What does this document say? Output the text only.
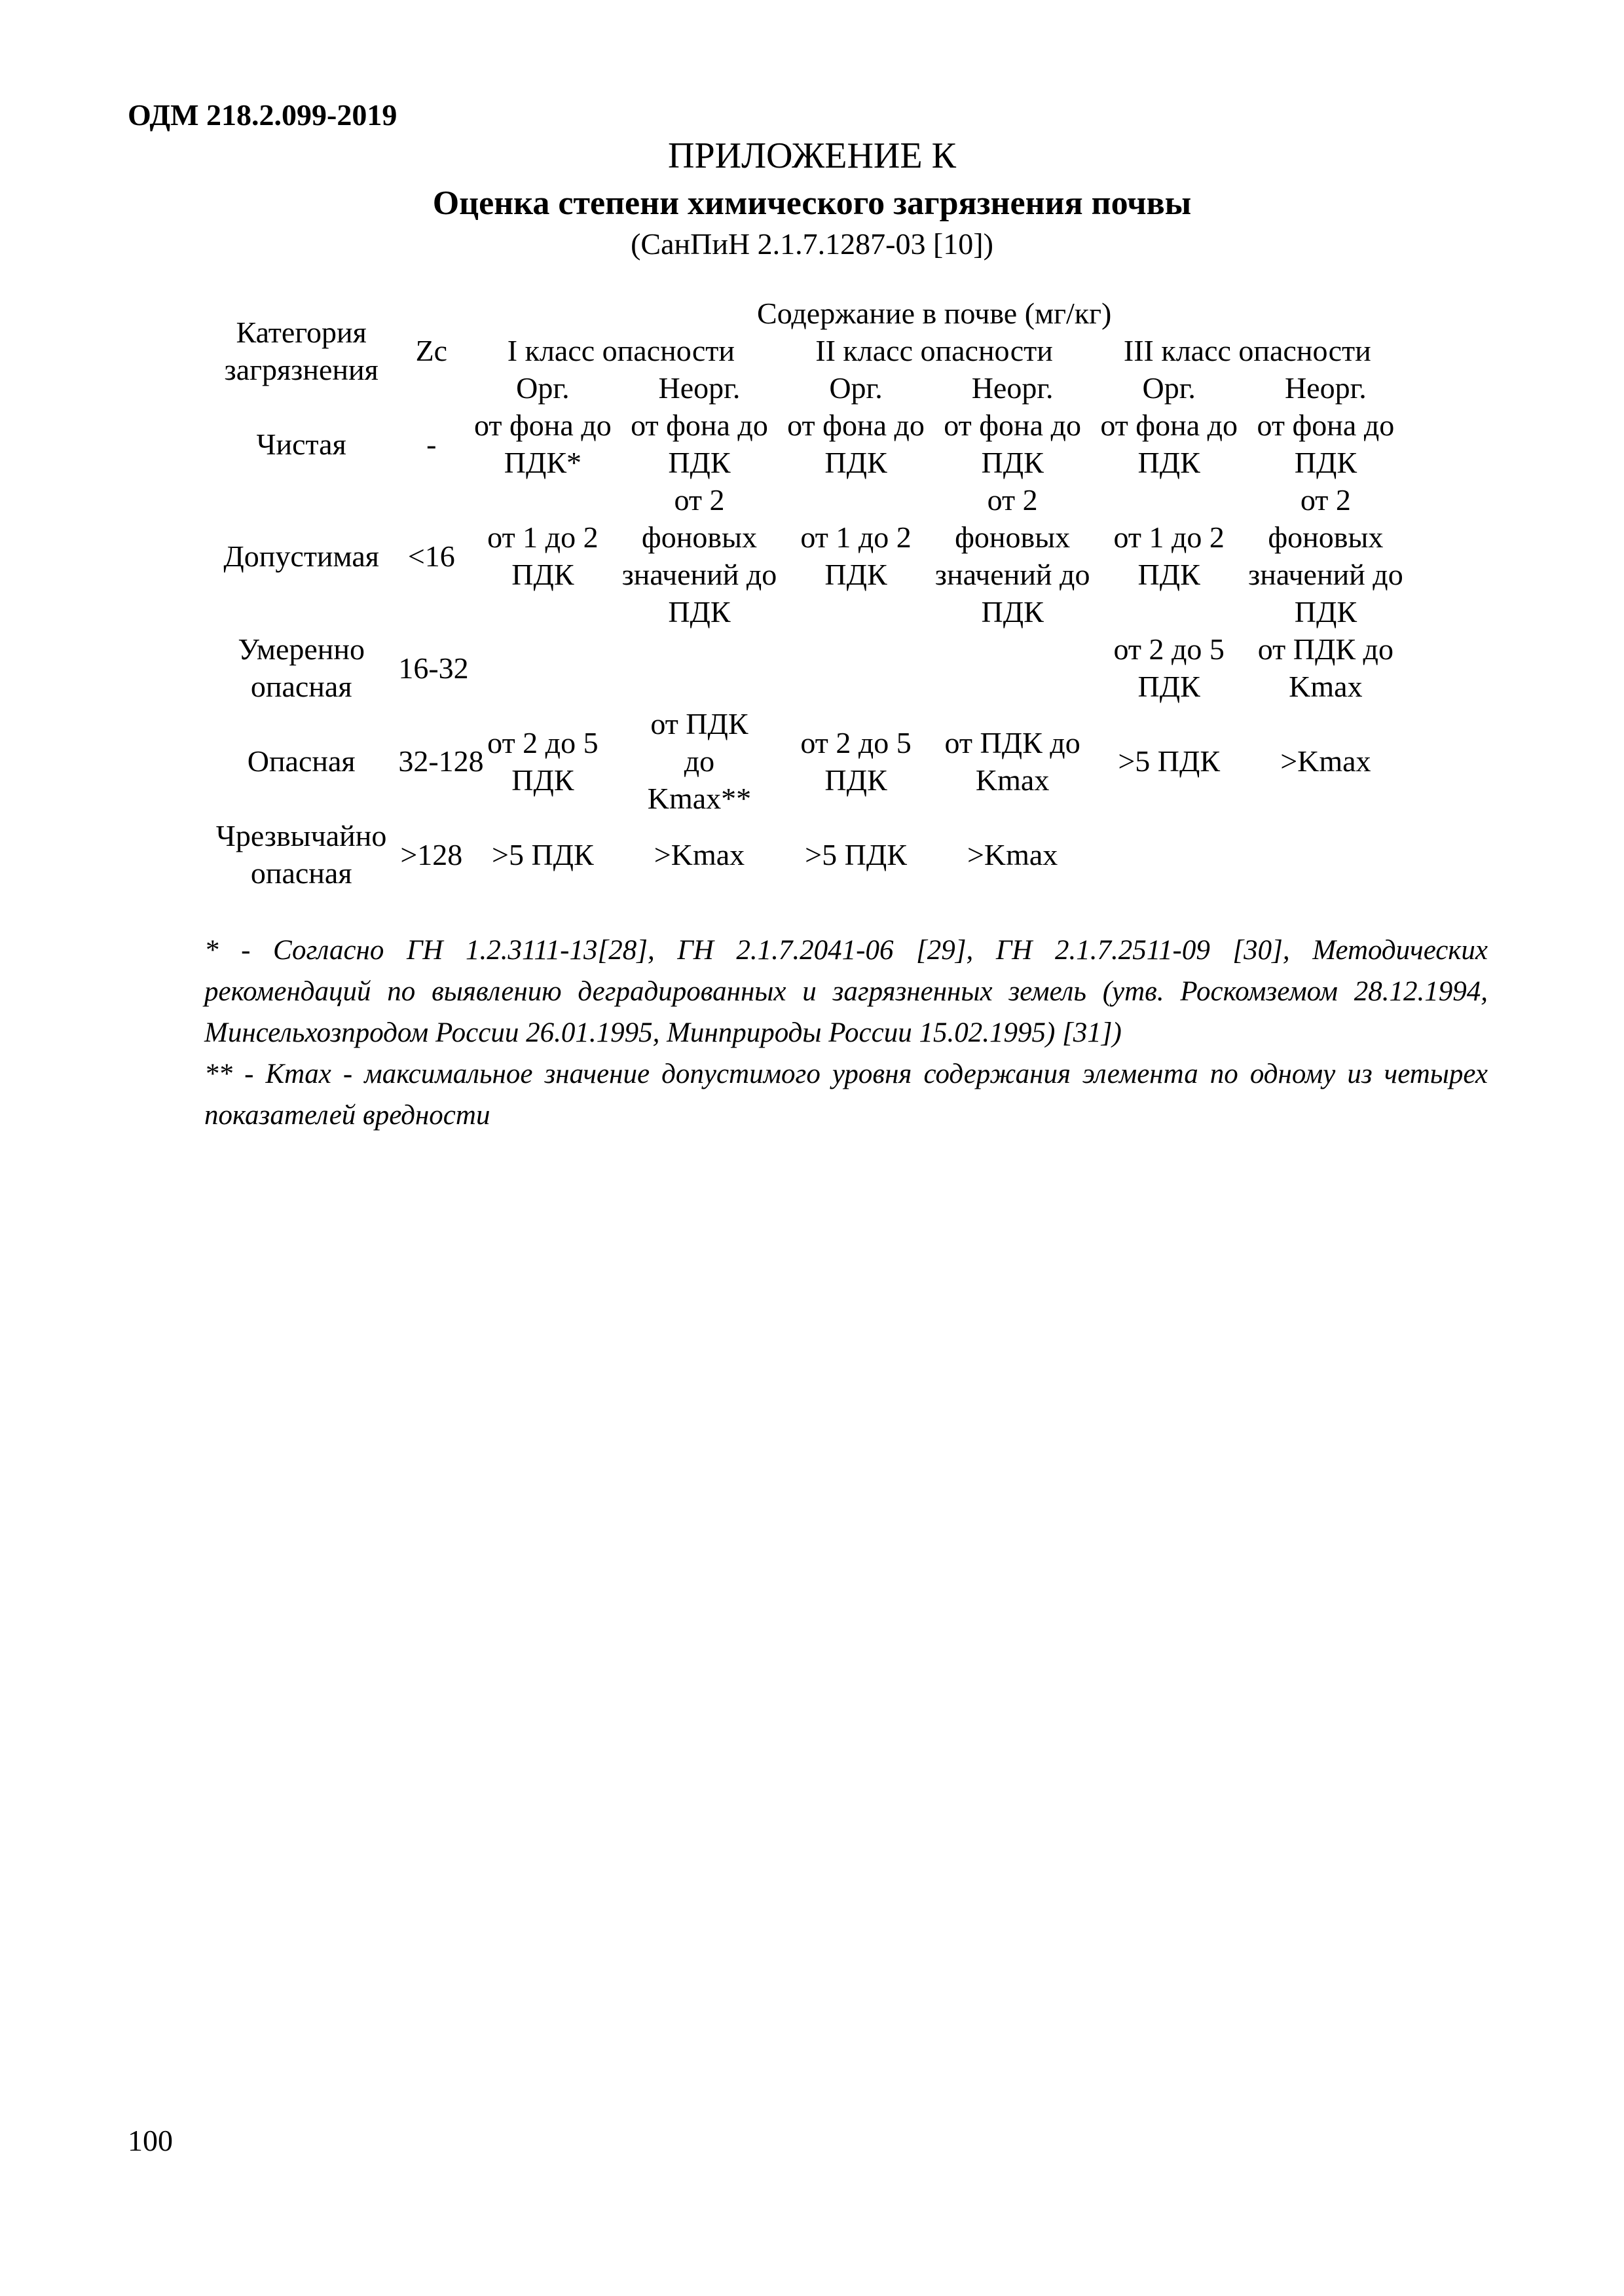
ОДМ 218.2.099-2019
ПРИЛОЖЕНИЕ К
Оценка степени химического загрязнения почвы
(СанПиН 2.1.7.1287-03 [10])
Категория загрязнения	Zc	Содержание в почве (мг/кг)					
		I класс опасности		II класс опасности		III класс опасности	
		Орг.	Неорг.	Орг.	Неорг.	Орг.	Неорг.
Чистая	-	от фона до ПДК*	от фона до ПДК	от фона до ПДК	от фона до ПДК	от фона до ПДК	от фона до ПДК
Допустимая	<16	от 1 до 2 ПДК	от 2 фоновых значений до ПДК	от 1 до 2 ПДК	от 2 фоновых значений до ПДК	от 1 до 2 ПДК	от 2 фоновых значений до ПДК
Умеренно опасная	16-32					от 2 до 5 ПДК	от ПДК до Kmax
Опасная	32-128	от 2 до 5 ПДК	от ПДК до Kmax**	от 2 до 5 ПДК	от ПДК до Kmax	>5 ПДК	>Kmax
Чрезвычайно опасная	>128	>5 ПДК	>Kmax	>5 ПДК	>Kmax		

* - Согласно ГН 1.2.3111-13[28], ГН 2.1.7.2041-06 [29], ГН 2.1.7.2511-09 [30], Методических рекомендаций по выявлению деградированных и загрязненных земель (утв. Роскомземом 28.12.1994, Минсельхозпродом России 26.01.1995, Минприроды России 15.02.1995) [31])

** - Kmax - максимальное значение допустимого уровня содержания элемента по одному из четырех показателей вредности

100
